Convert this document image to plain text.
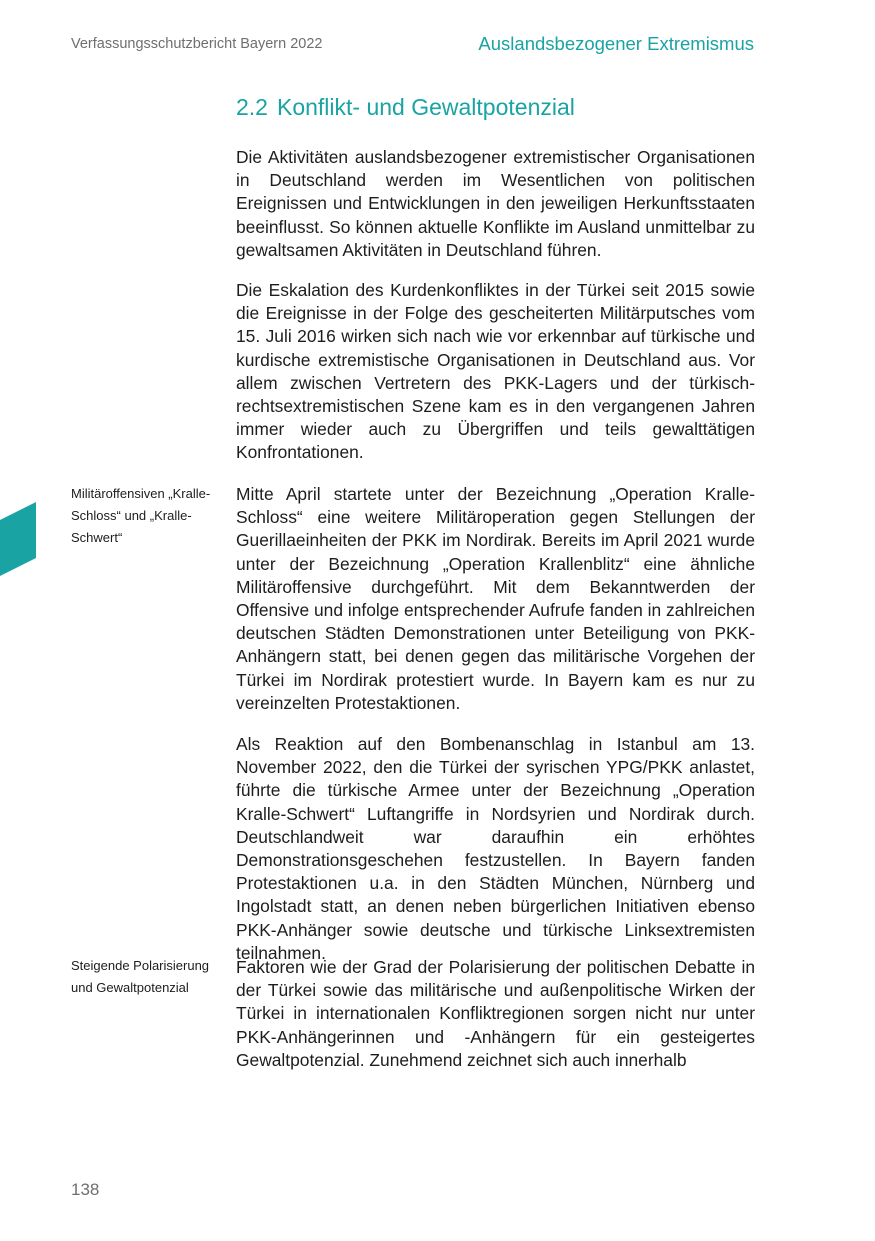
Verfassungsschutzbericht Bayern 2022	Auslandsbezogener Extremismus
2.2 Konflikt- und Gewaltpotenzial

Die Aktivitäten auslandsbezogener extremistischer Organisationen in Deutschland werden im Wesentlichen von politischen Ereignissen und Entwicklungen in den jeweiligen Herkunftsstaaten beeinflusst. So können aktuelle Konflikte im Ausland unmittelbar zu gewaltsamen Aktivitäten in Deutschland führen.

Die Eskalation des Kurdenkonfliktes in der Türkei seit 2015 sowie die Ereignisse in der Folge des gescheiterten Militärputsches vom 15. Juli 2016 wirken sich nach wie vor erkennbar auf türkische und kurdische extremistische Organisationen in Deutschland aus. Vor allem zwischen Vertretern des PKK-Lagers und der türkisch-rechtsextremistischen Szene kam es in den vergangenen Jahren immer wieder auch zu Übergriffen und teils gewalttätigen Konfrontationen.

Mitte April startete unter der Bezeichnung „Operation Kralle-Schloss“ eine weitere Militäroperation gegen Stellungen der Guerillaeinheiten der PKK im Nordirak. Bereits im April 2021 wurde unter der Bezeichnung „Operation Krallenblitz“ eine ähnliche Militäroffensive durchgeführt. Mit dem Bekanntwerden der Offensive und infolge entsprechender Aufrufe fanden in zahlreichen deutschen Städten Demonstrationen unter Beteiligung von PKK-Anhängern statt, bei denen gegen das militärische Vorgehen der Türkei im Nordirak protestiert wurde. In Bayern kam es nur zu vereinzelten Protestaktionen.

Als Reaktion auf den Bombenanschlag in Istanbul am 13. November 2022, den die Türkei der syrischen YPG/PKK anlastet, führte die türkische Armee unter der Bezeichnung „Operation Kralle-Schwert“ Luftangriffe in Nordsyrien und Nordirak durch. Deutschlandweit war daraufhin ein erhöhtes Demonstrationsgeschehen festzustellen. In Bayern fanden Protestaktionen u.a. in den Städten München, Nürnberg und Ingolstadt statt, an denen neben bürgerlichen Initiativen ebenso PKK-Anhänger sowie deutsche und türkische Linksextremisten teilnahmen.

Faktoren wie der Grad der Polarisierung der politischen Debatte in der Türkei sowie das militärische und außenpolitische Wirken der Türkei in internationalen Konfliktregionen sorgen nicht nur unter PKK-Anhängerinnen und -Anhängern für ein gesteigertes Gewaltpotenzial. Zunehmend zeichnet sich auch innerhalb

Militäroffensiven „Kralle-Schloss“ und „Kralle-Schwert“
Steigende Polarisierung und Gewaltpotenzial
138
